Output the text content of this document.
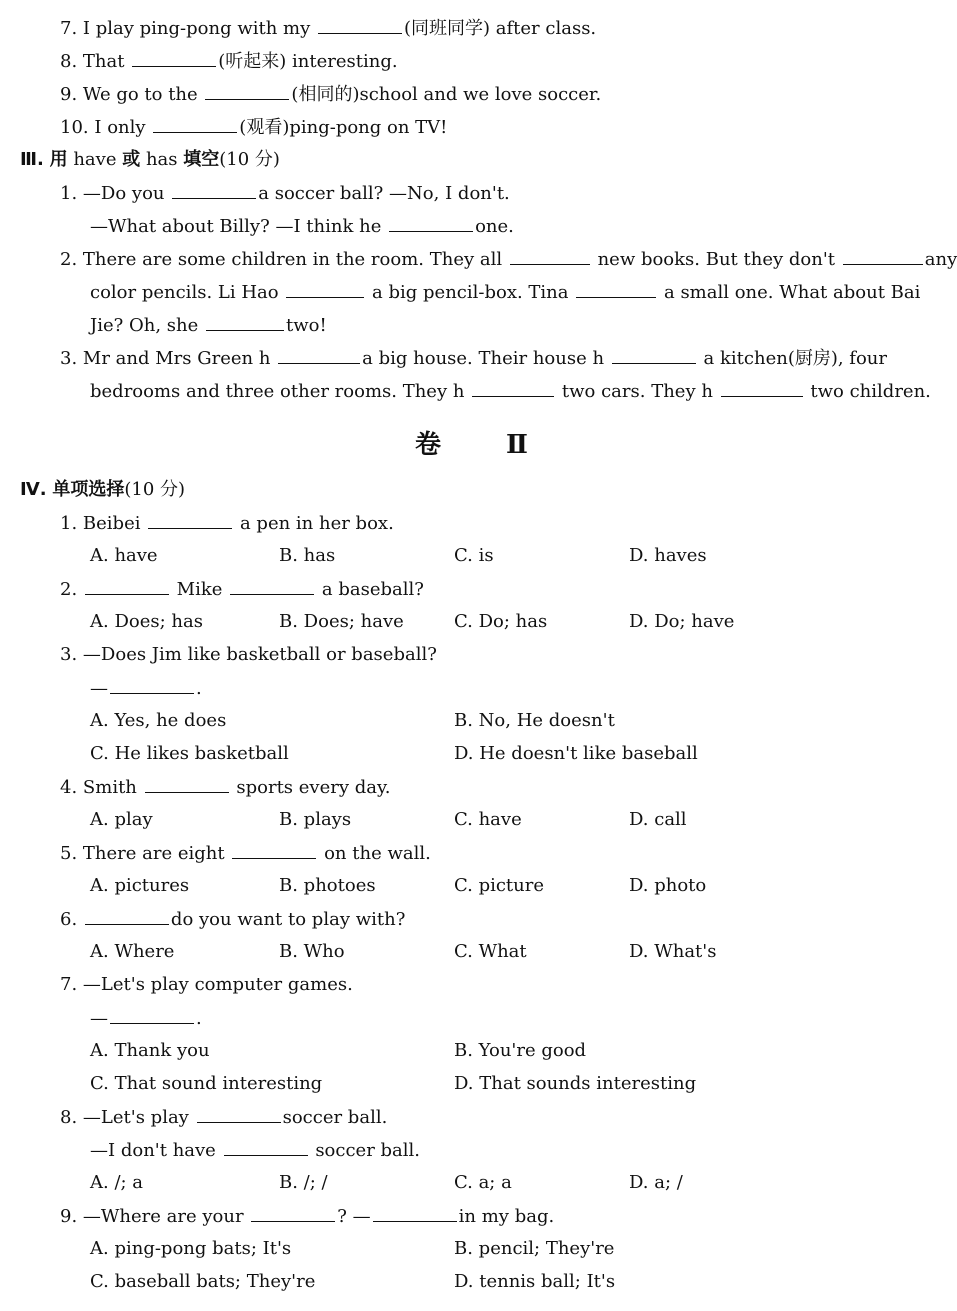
7. I play ping-pong with my	(同班同学) after class.
8. That	(听起来) interesting.
9. We go to the	(相同的)school and we love soccer.
10. I only	(观看)ping-pong on TV!
Ⅲ. 用 have 或 has 填空(10 分)
1. —Do you	a soccer ball? —No, I don't.
—What about Billy? —I think he	one.
2. There are some children in the room. They all	new books. But they don't	any
color pencils. Li Hao	a big pencil-box. Tina	a small one. What about Bai
Jie? Oh, she	two!
3. Mr and Mrs Green h	a big house. Their house h	a kitchen(厨房), four
bedrooms and three other rooms. They h	two cars. They h	two children.
卷 Ⅱ
Ⅳ. 单项选择(10 分)
1. Beibei	a pen in her box.
A. have	B. has	C. is	D. haves
2.	Mike	a baseball?
A. Does; has	B. Does; have	C. Do; has	D. Do; have
3. —Does Jim like basketball or baseball?
—	.
A. Yes, he does	B. No, He doesn't
C. He likes basketball	D. He doesn't like baseball
4. Smith	sports every day.
A. play	B. plays	C. have	D. call
5. There are eight	on the wall.
A. pictures	B. photoes	C. picture	D. photo
6.	do you want to play with?
A. Where	B. Who	C. What	D. What's
7. —Let's play computer games.
—	.
A. Thank you	B. You're good
C. That sound interesting	D. That sounds interesting
8. —Let's play	soccer ball.
—I don't have	soccer ball.
A. /; a	B. /; /	C. a; a	D. a; /
9. —Where are your	? —	in my bag.
A. ping-pong bats; It's	B. pencil; They're
C. baseball bats; They're	D. tennis ball; It's
